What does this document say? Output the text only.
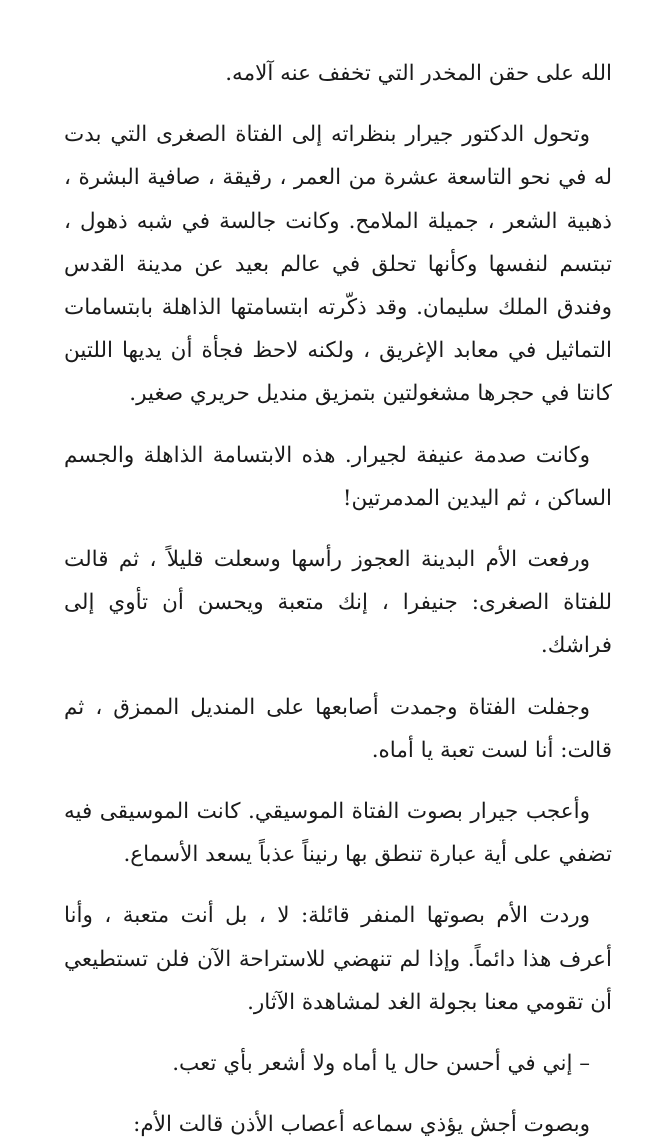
الله على حقن المخدر التي تخفف عنه آلامه.

وتحول الدكتور جيرار بنظراته إلى الفتاة الصغرى التي بدت له في نحو التاسعة عشرة من العمر ، رقيقة ، صافية البشرة ، ذهبية الشعر ، جميلة الملامح. وكانت جالسة في شبه ذهول ، تبتسم لنفسها وكأنها تحلق في عالم بعيد عن مدينة القدس وفندق الملك سليمان. وقد ذكّرته ابتسامتها الذاهلة بابتسامات التماثيل في معابد الإغريق ، ولكنه لاحظ فجأة أن يديها اللتين كانتا في حجرها مشغولتين بتمزيق منديل حريري صغير.

وكانت صدمة عنيفة لجيرار. هذه الابتسامة الذاهلة والجسم الساكن ، ثم اليدين المدمرتين!

ورفعت الأم البدينة العجوز رأسها وسعلت قليلاً ، ثم قالت للفتاة الصغرى: جنيفرا ، إنك متعبة ويحسن أن تأوي إلى فراشك.

وجفلت الفتاة وجمدت أصابعها على المنديل الممزق ، ثم قالت: أنا لست تعبة يا أماه.

وأعجب جيرار بصوت الفتاة الموسيقي. كانت الموسيقى فيه تضفي على أية عبارة تنطق بها رنيناً عذباً يسعد الأسماع.

وردت الأم بصوتها المنفر قائلة: لا ، بل أنت متعبة ، وأنا أعرف هذا دائماً. وإذا لم تنهضي للاستراحة الآن فلن تستطيعي أن تقومي معنا بجولة الغد لمشاهدة الآثار.

– إني في أحسن حال يا أماه ولا أشعر بأي تعب.

وبصوت أجش يؤذي سماعه أعصاب الأذن قالت الأم:
